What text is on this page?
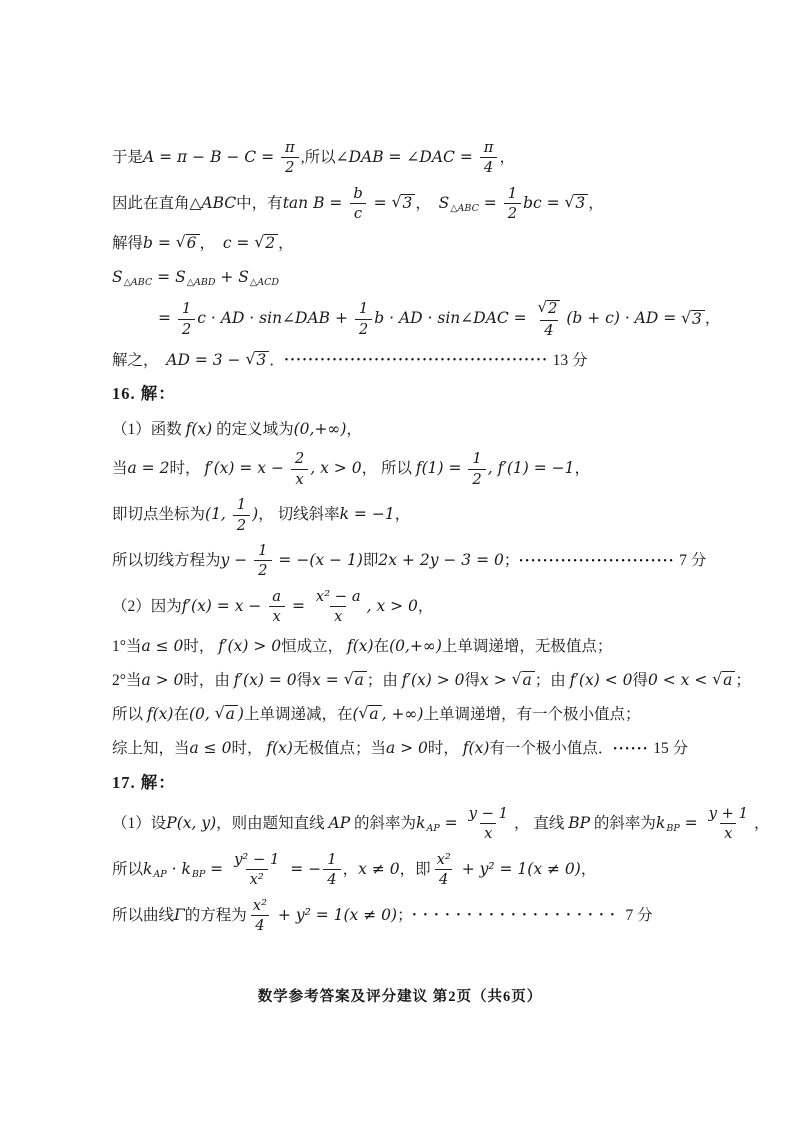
于是 $A = \pi - B - C = \frac{\pi}{2}$ ,所以 ∠DAB = ∠DAC = $\frac{\pi}{4}$ ，
因此在直角 △ABC 中，有 $\tan B = \frac{b}{c}$ = √ 3 ， S △ABC = $\frac{1}{2}$ bc = √ 3 ，
解得 b = √ 6 ， c = √ 2 ，
S △ABC = S △ABD + S △ACD
= $\frac{1}{2}$ c · AD · sin∠DAB + $\frac{1}{2}$ b · AD · sin∠DAC = $\frac{√ 2}{4} (b + c)$ · AD = √ 3 ，
解之， AD = 3 − √ 3 ． •••••••••••••••••••••••••••••••••••••••••••• 13 分
16. 解：
（1）函数 f(x) 的定义域为 (0,+∞) ，
当 a = 2 时， $f'(x) = x - \frac{2}{x}$ , x > 0 ， 所以 $f(1) = \frac{1}{2}$ , f′(1) = −1 ，
即切点坐标为 (1, $\frac{1}{2}$ ) ， 切线斜率 k = −1 ，
所以切线方程为 $y - \frac{1}{2} = -(x - 1)$ 即 2x + 2y − 3 = 0 ； •••••••••••••••••••••••••• 7 分
（2）因为 $f'(x) = x - \frac{a}{x} = \frac{\text{x² − a}}{x}$ , x > 0 ，
1°当 a ≤ 0 时， f′(x) > 0 恒成立， f(x) 在 (0,+∞) 上单调递增，无极值点；
2°当 a > 0 时，由 f′(x) = 0 得 x = √ a ；由 f′(x) > 0 得 x > √ a ；由 f′(x) < 0 得 0 < x < √ a ；
所以 f(x) 在 (0, √ a ) 上单调递减，在 ( √ a , +∞) 上单调递增，有一个极小值点；
综上知，当 a ≤ 0 时， f(x) 无极值点；当 a > 0 时， f(x) 有一个极小值点． •••••• 15 分
17. 解：
（1）设 P(x, y) ，则由题知直线 AP 的斜率为 k AP = $\frac{y - 1}{x}$ ， 直线 BP 的斜率为 k BP = $\frac{y + 1}{x}$ ，
所以 k AP · k BP = $\frac{\text{y² − 1}}{\text{x²}}$ = − $\frac{1}{4}$ ， x ≠ 0 ，即 $\frac{\text{x²}}{4} + y^2 = 1(x \ne 0)$ ，
所以曲线 Γ 的方程为 $\frac{\text{x²}}{4} + y^2 = 1(x \ne 0)$ ； ••••••••••••••••••• 7 分
数学参考答案及评分建议 第2页（共6页）
